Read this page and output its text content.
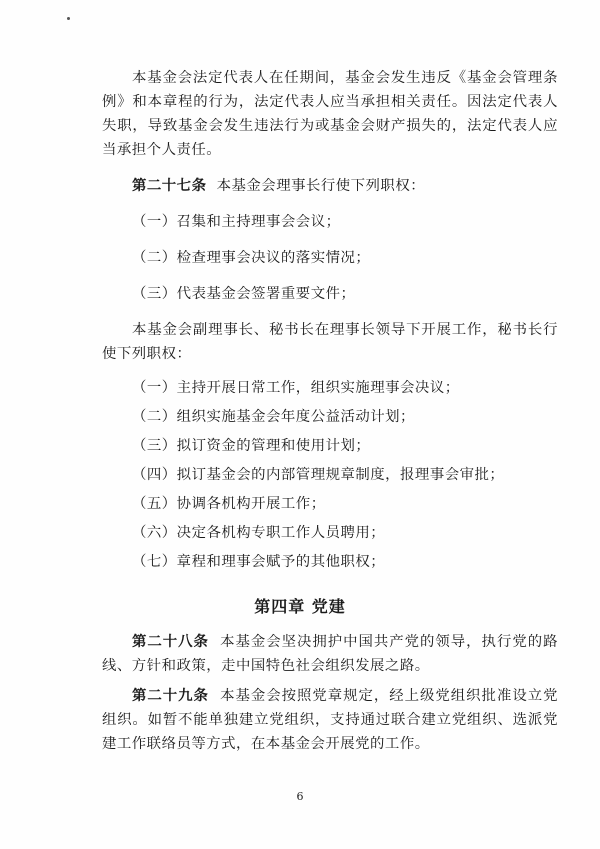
本基金会法定代表人在任期间，基金会发生违反《基金会管理条例》和本章程的行为，法定代表人应当承担相关责任。因法定代表人失职，导致基金会发生违法行为或基金会财产损失的，法定代表人应当承担个人责任。

第二十七条 本基金会理事长行使下列职权：

（一）召集和主持理事会会议；
（二）检查理事会决议的落实情况；
（三）代表基金会签署重要文件；

本基金会副理事长、秘书长在理事长领导下开展工作，秘书长行使下列职权：

（一）主持开展日常工作，组织实施理事会决议；
（二）组织实施基金会年度公益活动计划；
（三）拟订资金的管理和使用计划；
（四）拟订基金会的内部管理规章制度，报理事会审批；
（五）协调各机构开展工作；
（六）决定各机构专职工作人员聘用；
（七）章程和理事会赋予的其他职权；
第四章 党建

第二十八条 本基金会坚决拥护中国共产党的领导，执行党的路线、方针和政策，走中国特色社会组织发展之路。

第二十九条 本基金会按照党章规定，经上级党组织批准设立党组织。如暂不能单独建立党组织，支持通过联合建立党组织、选派党建工作联络员等方式，在本基金会开展党的工作。

6
